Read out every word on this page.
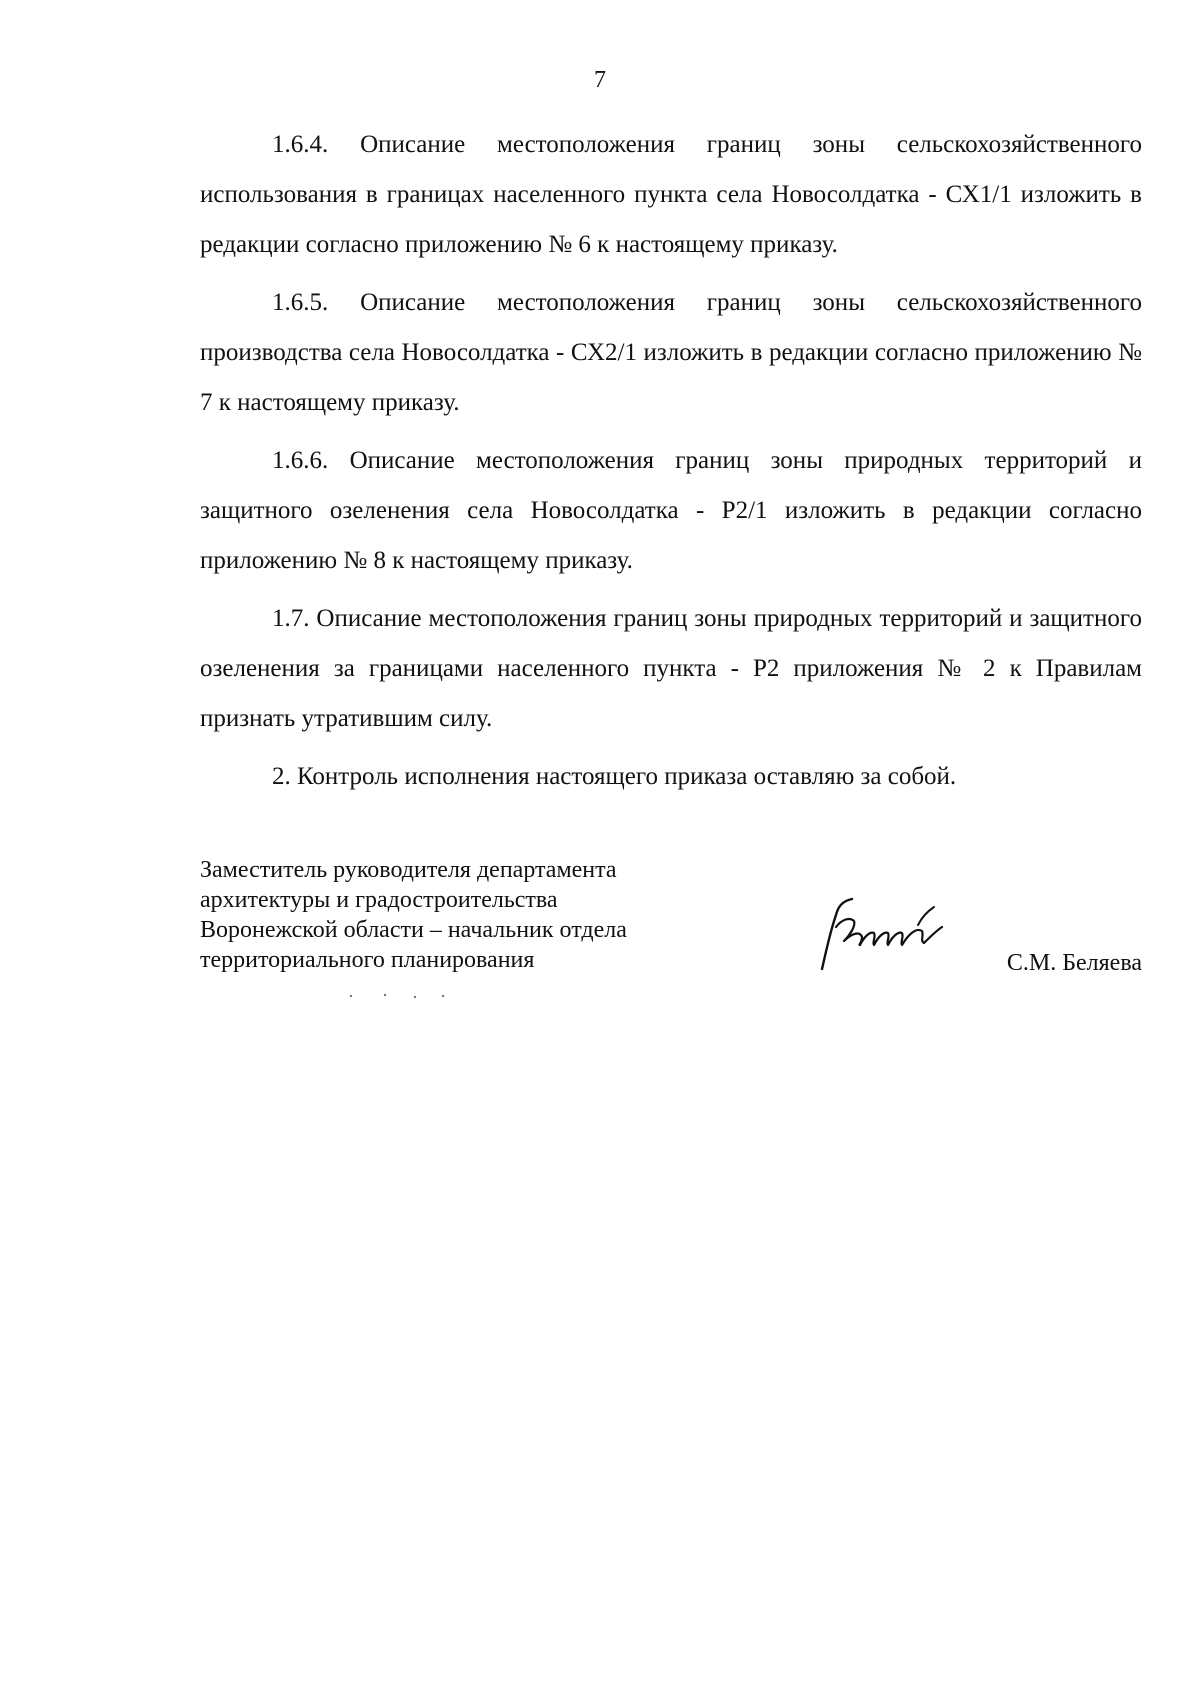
7

1.6.4. Описание местоположения границ зоны сельскохозяйственного использования в границах населенного пункта села Новосолдатка - СХ1/1 изложить в редакции согласно приложению № 6 к настоящему приказу.

1.6.5. Описание местоположения границ зоны сельскохозяйственного производства села Новосолдатка - СХ2/1 изложить в редакции согласно приложению № 7 к настоящему приказу.

1.6.6. Описание местоположения границ зоны природных территорий и защитного озеленения села Новосолдатка - Р2/1 изложить в редакции согласно приложению № 8 к настоящему приказу.

1.7. Описание местоположения границ зоны природных территорий и защитного озеленения за границами населенного пункта - Р2 приложения № 2 к Правилам признать утратившим силу.

2. Контроль исполнения настоящего приказа оставляю за собой.

Заместитель руководителя департамента
архитектуры и градостроительства
Воронежской области – начальник отдела
территориального планирования	С.М. Беляева
